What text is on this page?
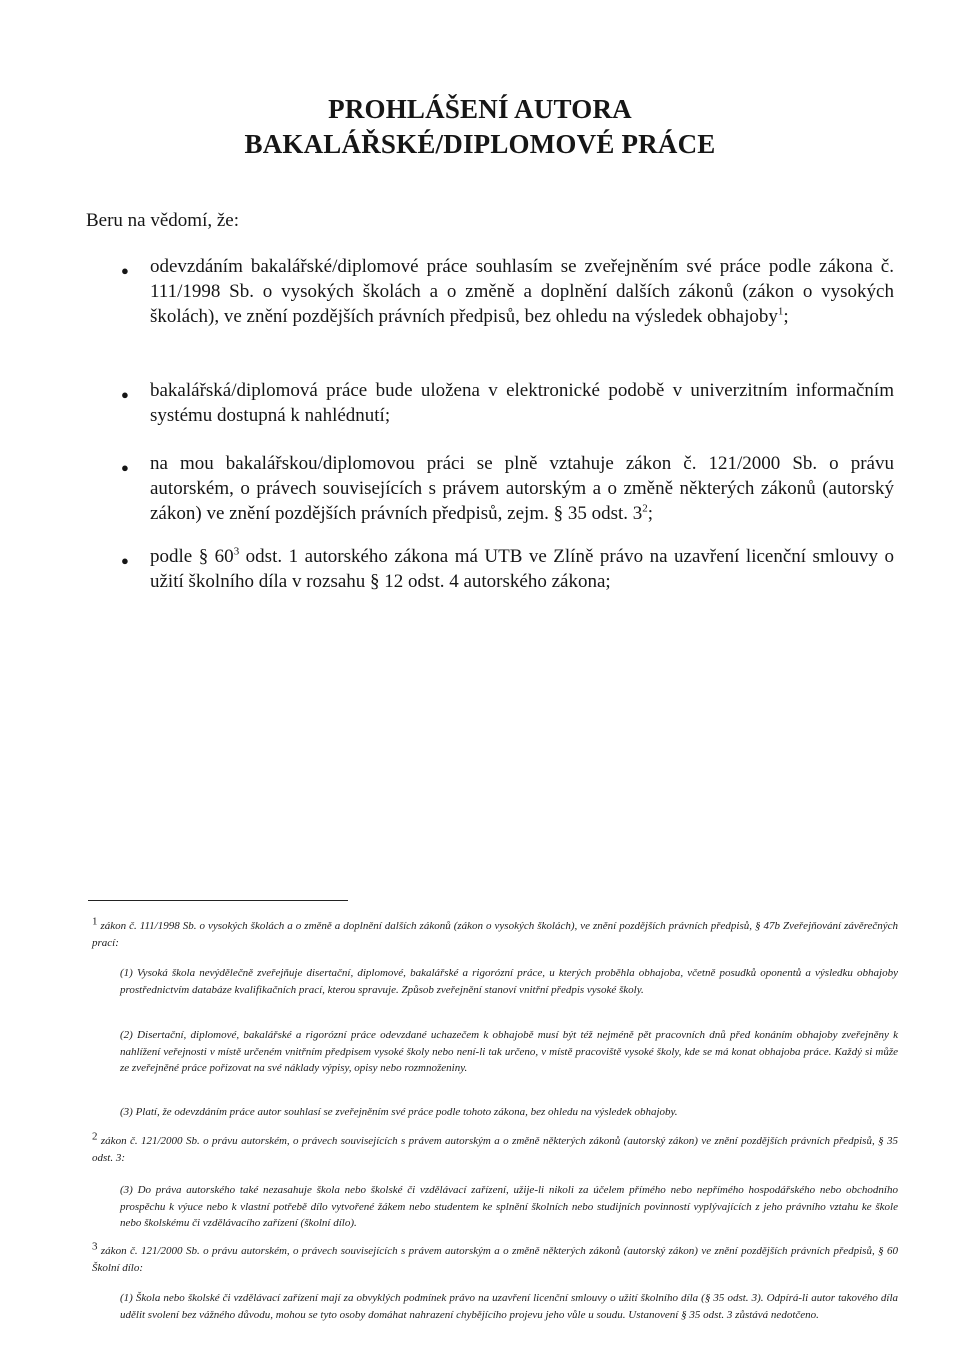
PROHLÁŠENÍ AUTORA
BAKALÁŘSKÉ/DIPLOMOVÉ PRÁCE
Beru na vědomí, že:
● odevzdáním bakalářské/diplomové práce souhlasím se zveřejněním své práce podle zákona č. 111/1998 Sb. o vysokých školách a o změně a doplnění dalších zákonů (zákon o vysokých školách), ve znění pozdějších právních předpisů, bez ohledu na výsledek obhajoby$^1$;
● bakalářská/diplomová práce bude uložena v elektronické podobě v univerzitním informačním systému dostupná k nahlédnutí;
● na mou bakalářskou/diplomovou práci se plně vztahuje zákon č. 121/2000 Sb. o právu autorském, o právech souvisejících s právem autorským a o změně některých zákonů (autorský zákon) ve znění pozdějších právních předpisů, zejm. § 35 odst. $3^2$;
● podle § $60^3$ odst. 1 autorského zákona má UTB ve Zlíně právo na uzavření licenční smlouvy o užití školního díla v rozsahu § 12 odst. 4 autorského zákona;
$^1$ zákon č. 111/1998 Sb. o vysokých školách a o změně a doplnění dalších zákonů (zákon o vysokých školách), ve znění pozdějších právních předpisů, § 47b Zveřejňování závěrečných prací:
(1) Vysoká škola nevýdělečně zveřejňuje disertační, diplomové, bakalářské a rigorózní práce, u kterých proběhla obhajoba, včetně posudků oponentů a výsledku obhajoby prostřednictvím databáze kvalifikačních prací, kterou spravuje. Způsob zveřejnění stanoví vnitřní předpis vysoké školy.
(2) Disertační, diplomové, bakalářské a rigorózní práce odevzdané uchazečem k obhajobě musí být též nejméně pět pracovních dnů před konáním obhajoby zveřejněny k nahlížení veřejnosti v místě určeném vnitřním předpisem vysoké školy nebo není-li tak určeno, v místě pracoviště vysoké školy, kde se má konat obhajoba práce. Každý si může ze zveřejněné práce pořizovat na své náklady výpisy, opisy nebo rozmnoženiny.
(3) Platí, že odevzdáním práce autor souhlasí se zveřejněním své práce podle tohoto zákona, bez ohledu na výsledek obhajoby.
$^2$ zákon č. 121/2000 Sb. o právu autorském, o právech souvisejících s právem autorským a o změně některých zákonů (autorský zákon) ve znění pozdějších právních předpisů, § 35 odst. 3:
(3) Do práva autorského také nezasahuje škola nebo školské či vzdělávací zařízení, užije-li nikoli za účelem přímého nebo nepřímého hospodářského nebo obchodního prospěchu k výuce nebo k vlastní potřebě dílo vytvořené žákem nebo studentem ke splnění školních nebo studijních povinností vyplývajících z jeho právního vztahu ke škole nebo školskému či vzdělávacího zařízení (školní dílo).
$^3$ zákon č. 121/2000 Sb. o právu autorském, o právech souvisejících s právem autorským a o změně některých zákonů (autorský zákon) ve znění pozdějších právních předpisů, § 60 Školní dílo:
(1) Škola nebo školské či vzdělávací zařízení mají za obvyklých podmínek právo na uzavření licenční smlouvy o užití školního díla (§ 35 odst. 3). Odpírá-li autor takového díla udělit svolení bez vážného důvodu, mohou se tyto osoby domáhat nahrazení chybějícího projevu jeho vůle u soudu. Ustanovení § 35 odst. 3 zůstává nedotčeno.
